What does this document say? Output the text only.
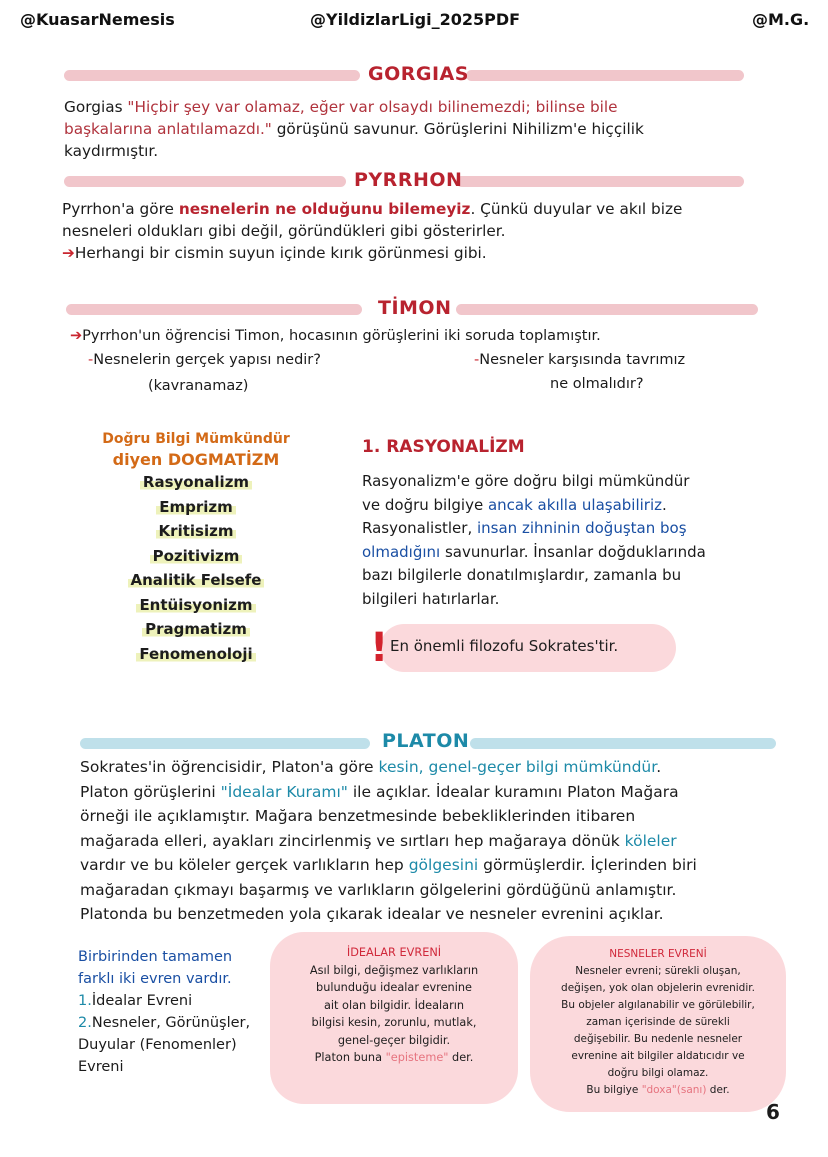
@KuasarNemesis	@YildizlarLigi_2025PDF	@M.G.
GORGIAS
Gorgias "Hiçbir şey var olamaz, eğer var olsaydı bilinemezdi; bilinse bile
başkalarına anlatılamazdı." görüşünü savunur. Görüşlerini Nihilizm'e hiççilik
kaydırmıştır.
PYRRHON
Pyrrhon'a göre nesnelerin ne olduğunu bilemeyiz. Çünkü duyular ve akıl bize
nesneleri oldukları gibi değil, göründükleri gibi gösterirler.
➔Herhangi bir cismin suyun içinde kırık görünmesi gibi.
TİMON
➔Pyrrhon'un öğrencisi Timon, hocasının görüşlerini iki soruda toplamıştır.
-Nesnelerin gerçek yapısı nedir?
(kavranamaz)
-Nesneler karşısında tavrımız
ne olmalıdır?
Doğru Bilgi Mümkündür
diyen DOGMATİZM
Rasyonalizm
Emprizm
Kritisizm
Pozitivizm
Analitik Felsefe
Entüisyonizm
Pragmatizm
Fenomenoloji
1. RASYONALİZM
Rasyonalizm'e göre doğru bilgi mümkündür
ve doğru bilgiye ancak akılla ulaşabiliriz.
Rasyonalistler, insan zihninin doğuştan boş
olmadığını savunurlar. İnsanlar doğduklarında
bazı bilgilerle donatılmışlardır, zamanla bu
bilgileri hatırlarlar.
En önemli filozofu Sokrates'tir.
!
PLATON
Sokrates'in öğrencisidir, Platon'a göre kesin, genel-geçer bilgi mümkündür.
Platon görüşlerini "İdealar Kuramı" ile açıklar. İdealar kuramını Platon Mağara
örneği ile açıklamıştır. Mağara benzetmesinde bebekliklerinden itibaren
mağarada elleri, ayakları zincirlenmiş ve sırtları hep mağaraya dönük köleler
vardır ve bu köleler gerçek varlıkların hep gölgesini görmüşlerdir. İçlerinden biri
mağaradan çıkmayı başarmış ve varlıkların gölgelerini gördüğünü anlamıştır.
Platonda bu benzetmeden yola çıkarak idealar ve nesneler evrenini açıklar.
Birbirinden tamamen
farklı iki evren vardır.
1.İdealar Evreni
2.Nesneler, Görünüşler,
Duyular (Fenomenler)
Evreni
İDEALAR EVRENİ
Asıl bilgi, değişmez varlıkların
bulunduğu idealar evrenine
ait olan bilgidir. İdeaların
bilgisi kesin, zorunlu, mutlak,
genel-geçer bilgidir.
Platon buna "episteme" der.
NESNELER EVRENİ
Nesneler evreni; sürekli oluşan,
değişen, yok olan objelerin evrenidir.
Bu objeler algılanabilir ve görülebilir,
zaman içerisinde de sürekli
değişebilir. Bu nedenle nesneler
evrenine ait bilgiler aldatıcıdır ve
doğru bilgi olamaz.
Bu bilgiye "doxa"(sanı) der.
6
